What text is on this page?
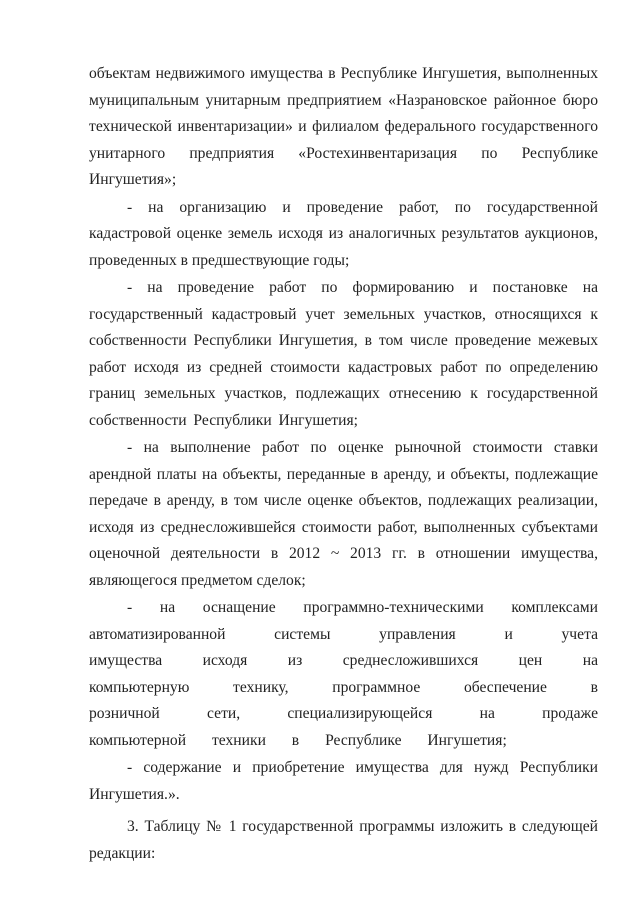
объектам недвижимого имущества в Республике Ингушетия, выполненных муниципальным унитарным предприятием «Назрановское районное бюро технической инвентаризации» и филиалом федерального государственного унитарного предприятия «Ростехинвентаризация по Республике Ингушетия»;

- на организацию и проведение работ, по государственной кадастровой оценке земель исходя из аналогичных результатов аукционов, проведенных в предшествующие годы;

- на проведение работ по формированию и постановке на государственный кадастровый учет земельных участков, относящихся к собственности Республики Ингушетия, в том числе проведение межевых работ исходя из средней стоимости кадастровых работ по определению границ земельных участков, подлежащих отнесению к государственной собственности Республики Ингушетия;

- на выполнение работ по оценке рыночной стоимости ставки арендной платы на объекты, переданные в аренду, и объекты, подлежащие передаче в аренду, в том числе оценке объектов, подлежащих реализации, исходя из среднесложившейся стоимости работ, выполненных субъектами оценочной деятельности в 2012 ~ 2013 гг. в отношении имущества, являющегося предметом сделок;

- на оснащение программно-техническими комплексами автоматизированной системы управления и учета имущества исходя из среднесложившихся цен на компьютерную технику, программное обеспечение в розничной сети, специализирующейся на продаже компьютерной техники в Республике Ингушетия;

- содержание и приобретение имущества для нужд Республики Ингушетия.».

3. Таблицу № 1 государственной программы изложить в следующей редакции:
